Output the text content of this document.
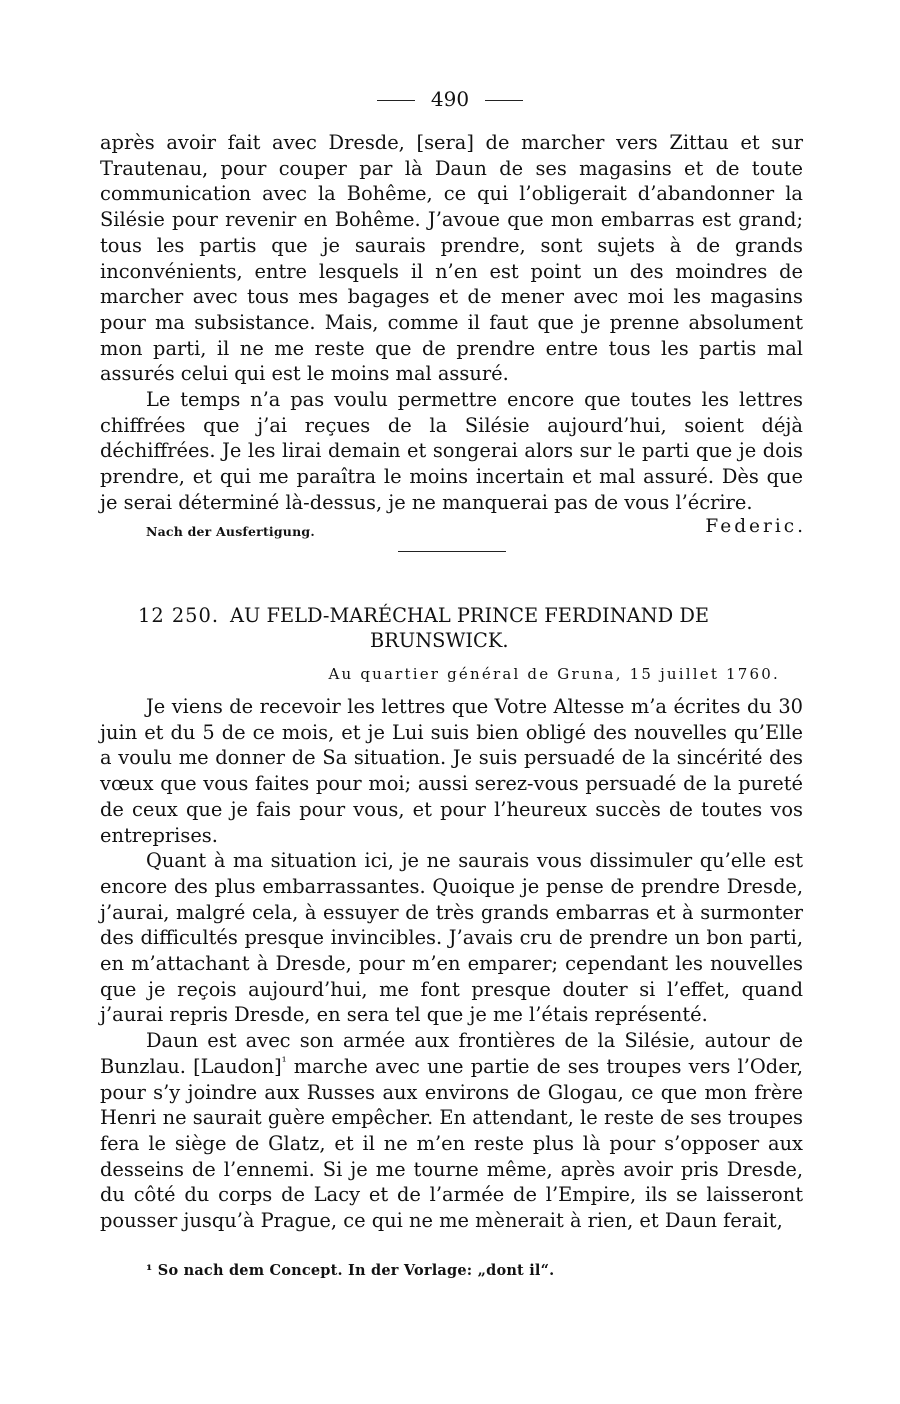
490

après avoir fait avec Dresde, [sera] de marcher vers Zittau et sur Trautenau, pour couper par là Daun de ses magasins et de toute communication avec la Bohême, ce qui l’obligerait d’abandonner la Silésie pour revenir en Bohême. J’avoue que mon embarras est grand; tous les partis que je saurais prendre, sont sujets à de grands inconvénients, entre lesquels il n’en est point un des moindres de marcher avec tous mes bagages et de mener avec moi les magasins pour ma subsistance. Mais, comme il faut que je prenne absolument mon parti, il ne me reste que de prendre entre tous les partis mal assurés celui qui est le moins mal assuré.

Le temps n’a pas voulu permettre encore que toutes les lettres chiffrées que j’ai reçues de la Silésie aujourd’hui, soient déjà déchiffrées. Je les lirai demain et songerai alors sur le parti que je dois prendre, et qui me paraîtra le moins incertain et mal assuré. Dès que je serai déterminé là-dessus, je ne manquerai pas de vous l’écrire.

Nach der Ausfertigung.	Federic.
12 250. AU FELD-MARÉCHAL PRINCE FERDINAND DE
BRUNSWICK.
Au quartier général de Gruna, 15 juillet 1760.

Je viens de recevoir les lettres que Votre Altesse m’a écrites du 30 juin et du 5 de ce mois, et je Lui suis bien obligé des nouvelles qu’Elle a voulu me donner de Sa situation. Je suis persuadé de la sincérité des vœux que vous faites pour moi; aussi serez-vous persuadé de la pureté de ceux que je fais pour vous, et pour l’heureux succès de toutes vos entreprises.

Quant à ma situation ici, je ne saurais vous dissimuler qu’elle est encore des plus embarrassantes. Quoique je pense de prendre Dresde, j’aurai, malgré cela, à essuyer de très grands embarras et à surmonter des difficultés presque invincibles. J’avais cru de prendre un bon parti, en m’attachant à Dresde, pour m’en emparer; cependant les nouvelles que je reçois aujourd’hui, me font presque douter si l’effet, quand j’aurai repris Dresde, en sera tel que je me l’étais représenté.

Daun est avec son armée aux frontières de la Silésie, autour de Bunzlau. [Laudon]$^{^1}$ marche avec une partie de ses troupes vers l’Oder, pour s’y joindre aux Russes aux environs de Glogau, ce que mon frère Henri ne saurait guère empêcher. En attendant, le reste de ses troupes fera le siège de Glatz, et il ne m’en reste plus là pour s’opposer aux desseins de l’ennemi. Si je me tourne même, après avoir pris Dresde, du côté du corps de Lacy et de l’armée de l’Empire, ils se laisseront pousser jusqu’à Prague, ce qui ne me mènerait à rien, et Daun ferait,

¹ So nach dem Concept. In der Vorlage: „dont il“.
